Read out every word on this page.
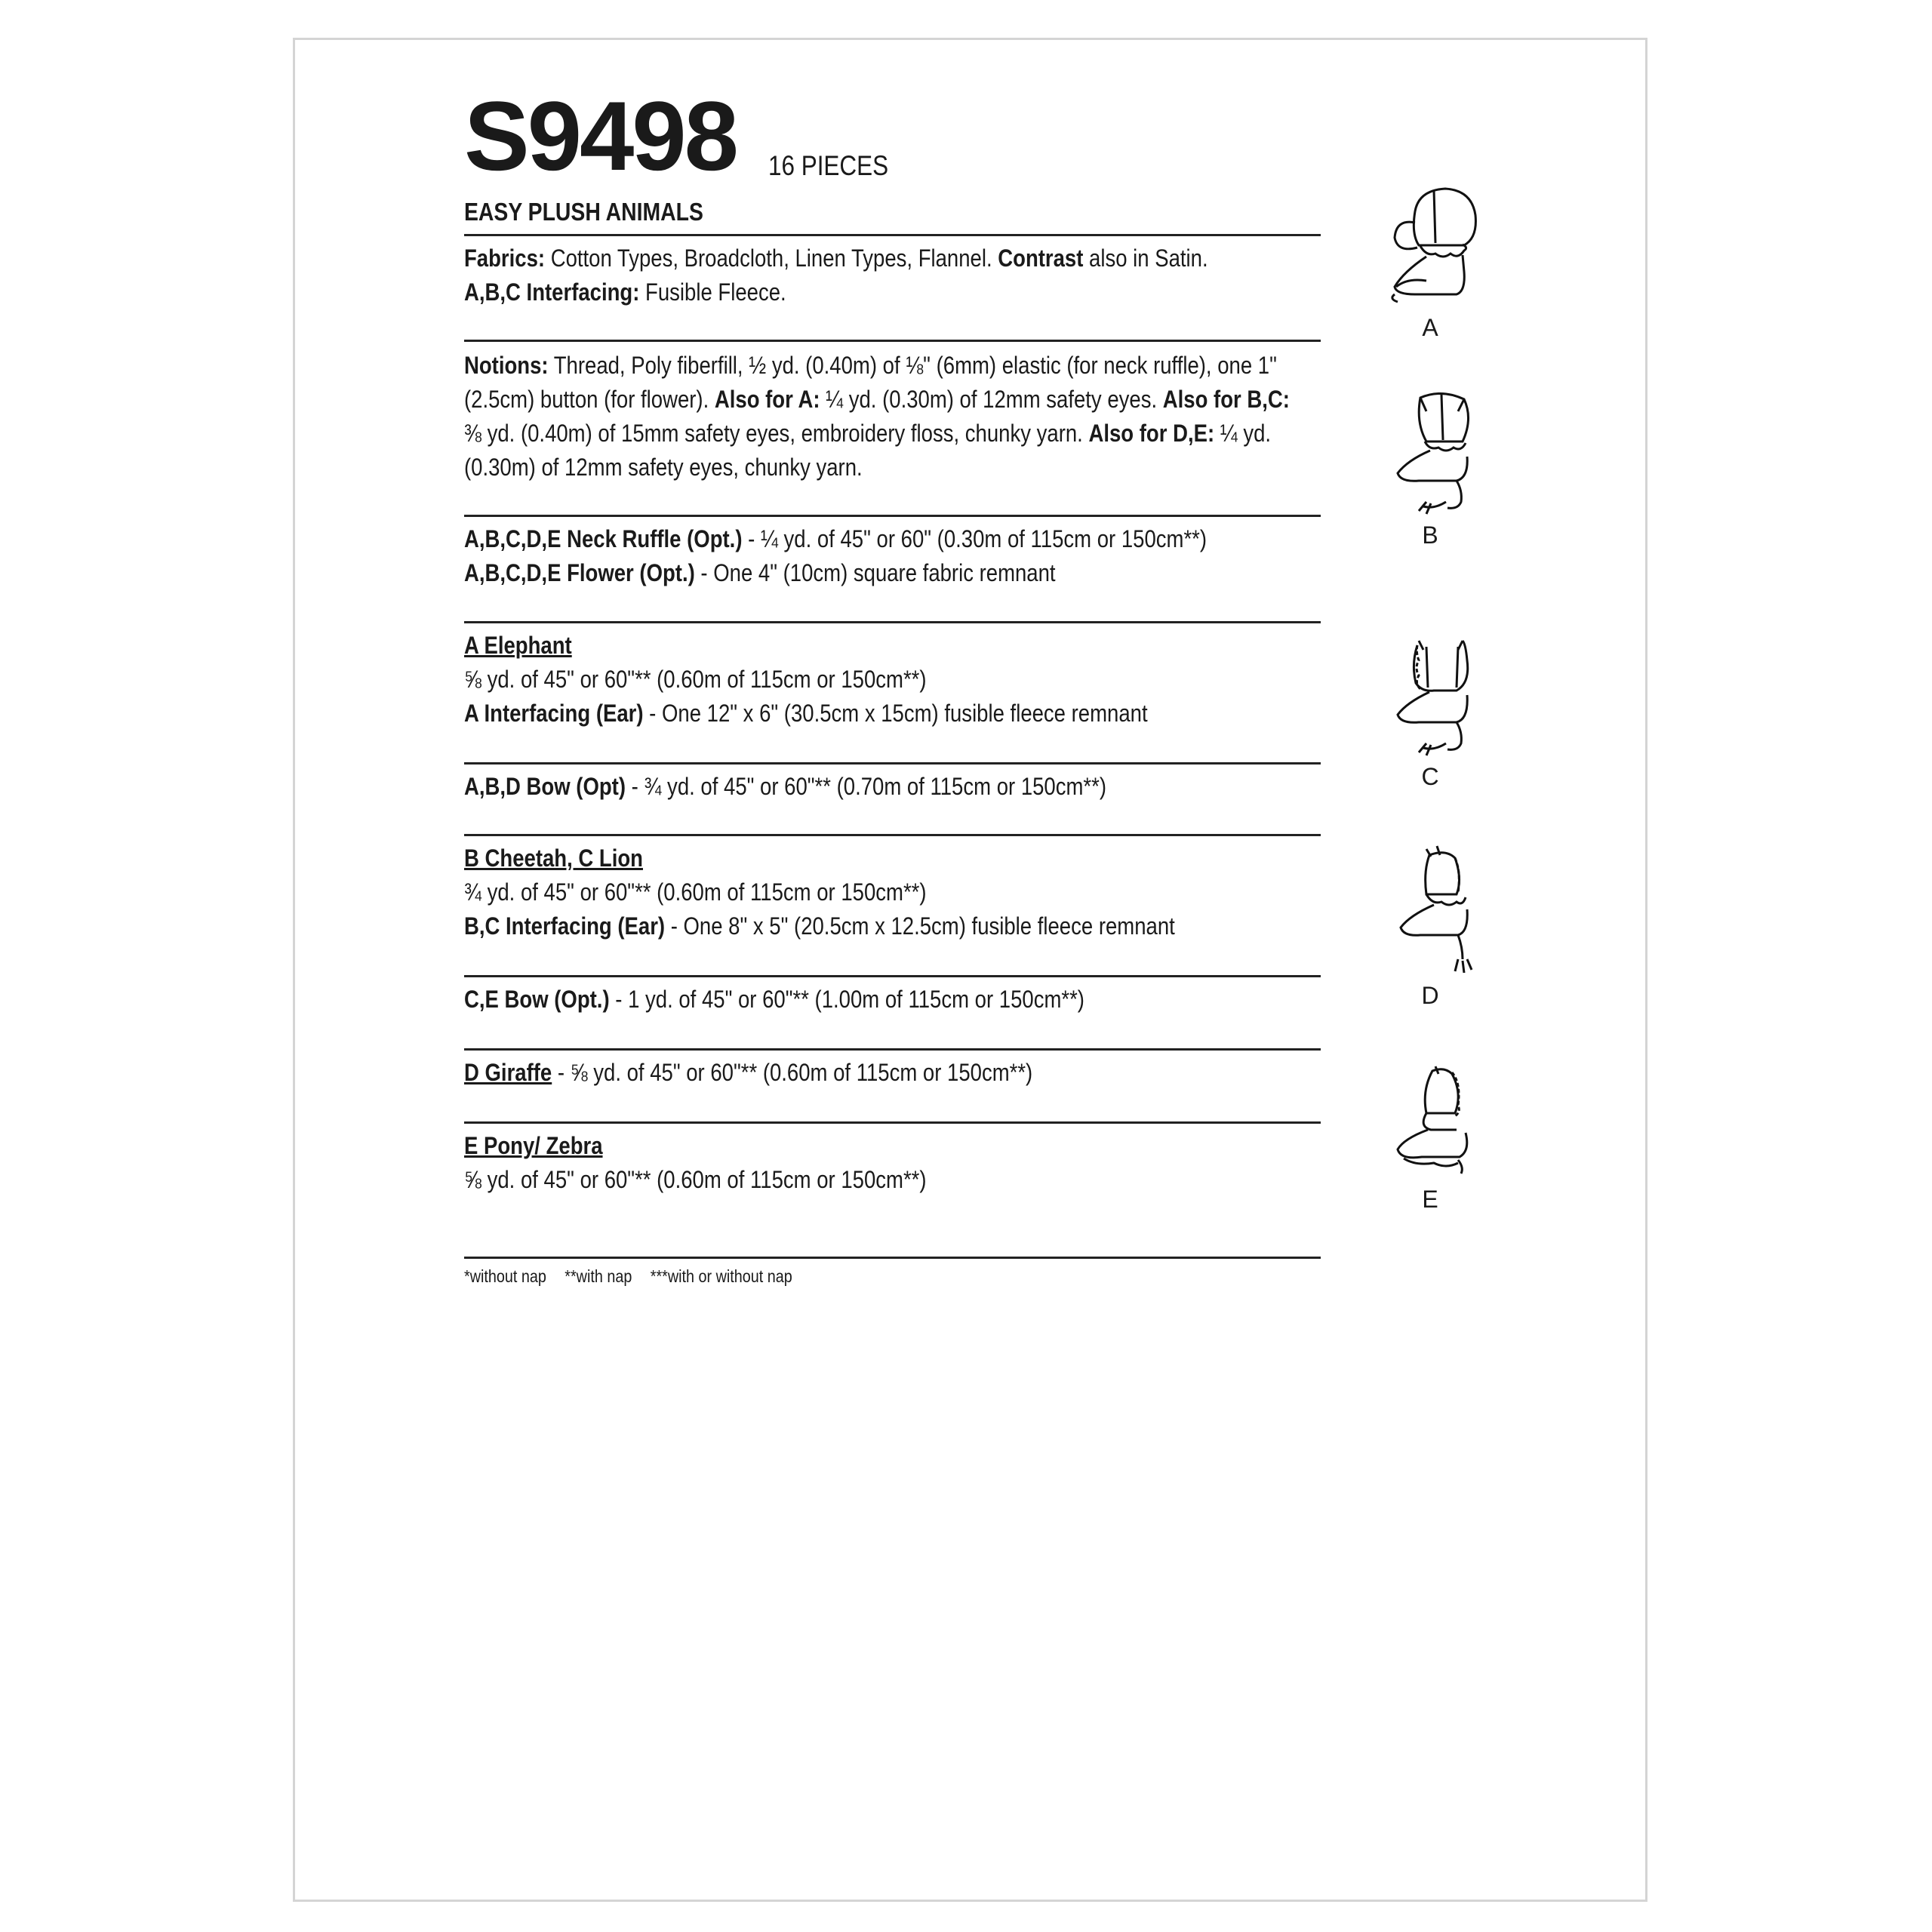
S9498 16 PIECES
EASY PLUSH ANIMALS
Fabrics: Cotton Types, Broadcloth, Linen Types, Flannel. Contrast also in Satin.
A,B,C Interfacing: Fusible Fleece.
Notions: Thread, Poly fiberfill, ½ yd. (0.40m) of ⅛" (6mm) elastic (for neck ruffle), one 1"
(2.5cm) button (for flower). Also for A: ¼ yd. (0.30m) of 12mm safety eyes. Also for B,C:
⅜ yd. (0.40m) of 15mm safety eyes, embroidery floss, chunky yarn. Also for D,E: ¼ yd.
(0.30m) of 12mm safety eyes, chunky yarn.
A,B,C,D,E Neck Ruffle (Opt.) - ¼ yd. of 45" or 60" (0.30m of 115cm or 150cm**)
A,B,C,D,E Flower (Opt.) - One 4" (10cm) square fabric remnant
A Elephant
⅝ yd. of 45" or 60"** (0.60m of 115cm or 150cm**)
A Interfacing (Ear) - One 12" x 6" (30.5cm x 15cm) fusible fleece remnant
A,B,D Bow (Opt) - ¾ yd. of 45" or 60"** (0.70m of 115cm or 150cm**)
B Cheetah, C Lion
¾ yd. of 45" or 60"** (0.60m of 115cm or 150cm**)
B,C Interfacing (Ear) - One 8" x 5" (20.5cm x 12.5cm) fusible fleece remnant
C,E Bow (Opt.) - 1 yd. of 45" or 60"** (1.00m of 115cm or 150cm**)
D Giraffe - ⅝ yd. of 45" or 60"** (0.60m of 115cm or 150cm**)
E Pony/ Zebra
⅝ yd. of 45" or 60"** (0.60m of 115cm or 150cm**)
*without nap **with nap ***with or without nap
A
B
C
D
E
